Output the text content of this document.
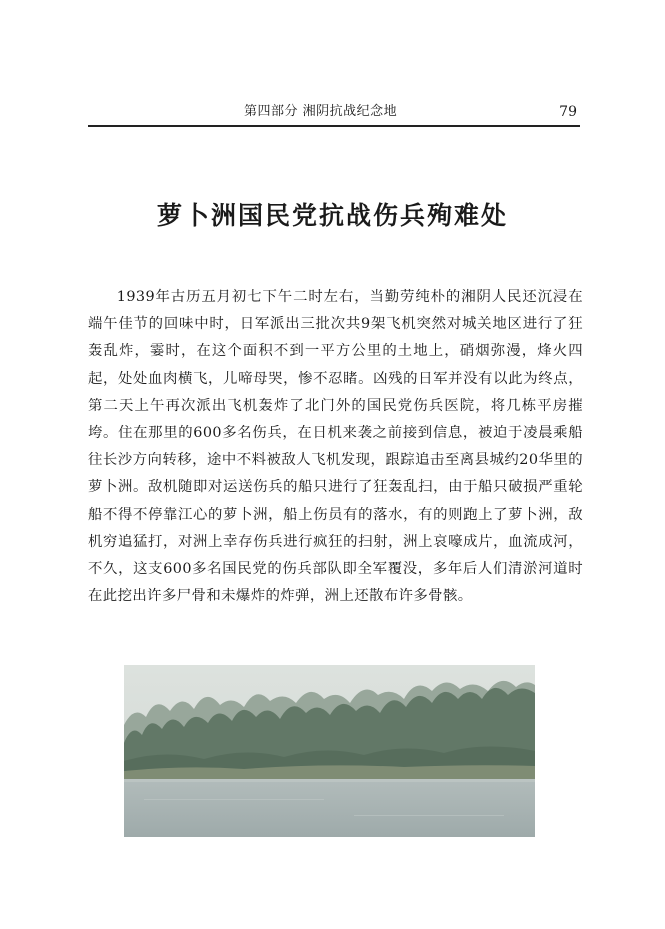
第四部分 湘阴抗战纪念地	79
萝卜洲国民党抗战伤兵殉难处

1939年古历五月初七下午二时左右，当勤劳纯朴的湘阴人民还沉浸在端午佳节的回味中时，日军派出三批次共9架飞机突然对城关地区进行了狂轰乱炸，霎时，在这个面积不到一平方公里的土地上，硝烟弥漫，烽火四起，处处血肉横飞，儿啼母哭，惨不忍睹。凶残的日军并没有以此为终点，第二天上午再次派出飞机轰炸了北门外的国民党伤兵医院，将几栋平房摧垮。住在那里的600多名伤兵，在日机来袭之前接到信息，被迫于凌晨乘船往长沙方向转移，途中不料被敌人飞机发现，跟踪追击至离县城约20华里的萝卜洲。敌机随即对运送伤兵的船只进行了狂轰乱扫，由于船只破损严重轮船不得不停靠江心的萝卜洲，船上伤员有的落水，有的则跑上了萝卜洲，敌机穷追猛打，对洲上幸存伤兵进行疯狂的扫射，洲上哀嚎成片，血流成河，不久，这支600多名国民党的伤兵部队即全军覆没，多年后人们清淤河道时在此挖出许多尸骨和未爆炸的炸弹，洲上还散布许多骨骸。
